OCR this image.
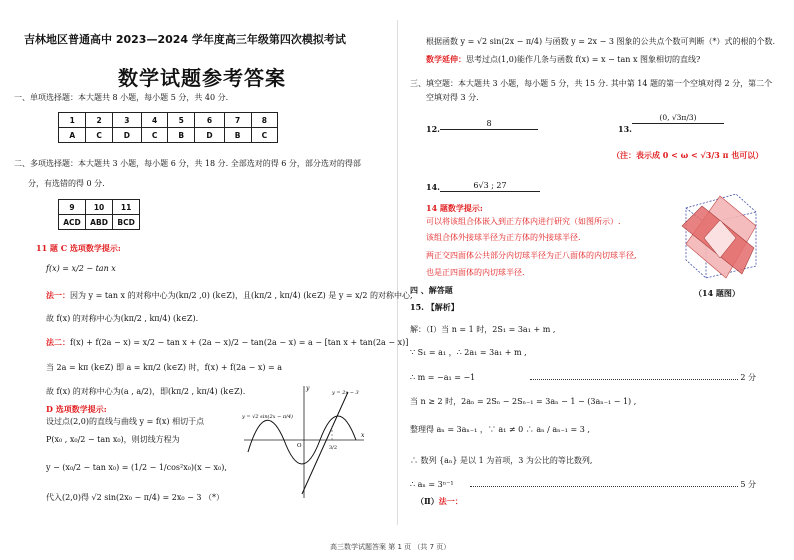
吉林地区普通高中 2023—2024 学年度高三年级第四次模拟考试
数学试题参考答案
一、单项选择题：本大题共 8 小题，每小题 5 分，共 40 分.
1	2	3	4	5	6	7	8
A	C	D	C	B	D	B	C
二、多项选择题：本大题共 3 小题，每小题 6 分，共 18 分. 全部选对的得 6 分，部分选对的得部
分，有选错的得 0 分.
9	10	11
ACD	ABD	BCD
11 题 C 选项数学提示:
f(x) = x/2 − tan x
法一：因为 y = tan x 的对称中心为(kπ/2 ,0) (k∈Z)，且(kπ/2 , kπ/4) (k∈Z) 是 y = x/2 的对称中心,
故 f(x) 的对称中心为(kπ/2 , kπ/4) (k∈Z).
法二：f(x) + f(2a − x) = x/2 − tan x + (2a − x)/2 − tan(2a − x) = a − [tan x + tan(2a − x)]
当 2a = kπ (k∈Z) 即 a = kπ/2 (k∈Z) 时，f(x) + f(2a − x) = a
故 f(x) 的对称中心为(a , a/2)，即(kπ/2 , kπ/4) (k∈Z).
D 选项数学提示:
设过点(2,0)的直线与曲线 y = f(x) 相切于点
P(x₀ , x₀/2 − tan x₀)，则切线方程为
y − (x₀/2 − tan x₀) = (1/2 − 1/cos²x₀)(x − x₀),
代入(2,0)得 √2 sin(2x₀ − π/4) = 2x₀ − 3 （*）
x
y
O	3/2
y = √2 sin(2x − π/4)
y = 2x − 3
根据函数 y = √2 sin(2x − π/4) 与函数 y = 2x − 3 图象的公共点个数可判断（*）式的根的个数.
数学延伸：思考过点(1,0)能作几条与函数 f(x) = x − tan x 图象相切的直线?
三、填空题：本大题共 3 小题，每小题 5 分，共 15 分. 其中第 14 题的第一个空填对得 2 分，第二个
空填对得 3 分.
12.
8
13.
(0, √3π/3)
（注：表示成 0 < ω < √3/3 π 也可以）
14.	6√3 ; 27
14 题数学提示:
可以将该组合体嵌入到正方体内进行研究（如图所示）.
该组合体外接球半径为正方体的外接球半径.
两正交四面体公共部分内切球半径为正八面体的内切球半径,
也是正四面体的内切球半径.
（14 题图）
四 、解答题
15. 【解析】
解：（Ⅰ）当 n = 1 时，2S₁ = 3a₁ + m ,
∵ S₁ = a₁ ，∴ 2a₁ = 3a₁ + m ,
∴ m = −a₁ = −1	2 分
当 n ≥ 2 时，2aₙ = 2Sₙ − 2Sₙ₋₁ = 3aₙ − 1 − (3aₙ₋₁ − 1) ,
整理得 aₙ = 3aₙ₋₁ ，∵ a₁ ≠ 0 ∴ aₙ / aₙ₋₁ = 3 ,
∴ 数列 {aₙ} 是以 1 为首项，3 为公比的等比数列,
∴ aₙ = 3ⁿ⁻¹	5 分
（Ⅱ）法一：
高三数学试题答案 第 1 页 （共 7 页）
